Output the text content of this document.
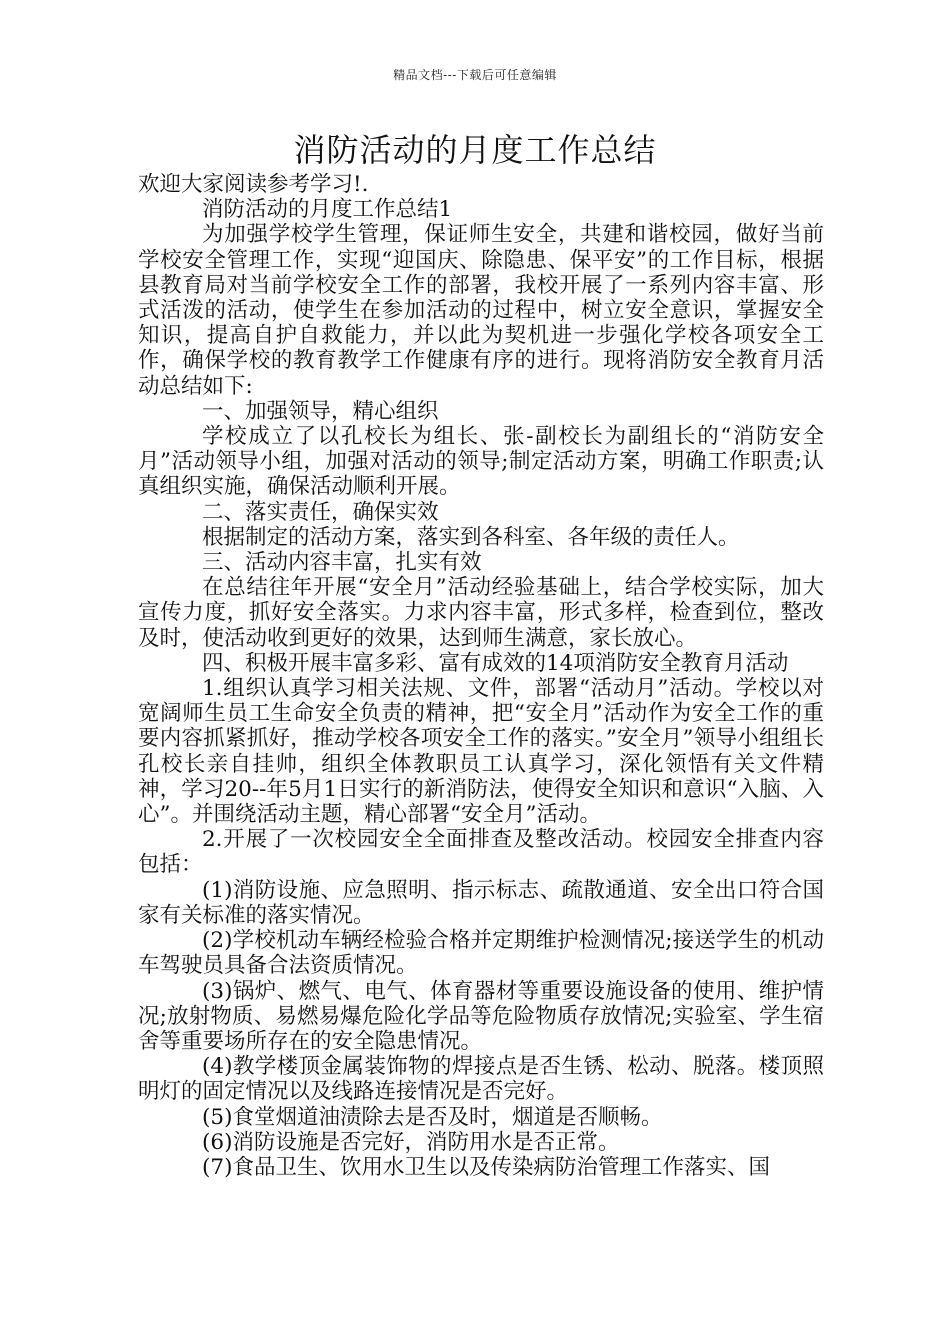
精品文档---下载后可任意编辑
消防活动的月度工作总结

欢迎大家阅读参考学习!.

消防活动的月度工作总结1

为加强学校学生管理，保证师生安全，共建和谐校园，做好当前学校安全管理工作，实现“迎国庆、除隐患、保平安”的工作目标，根据县教育局对当前学校安全工作的部署，我校开展了一系列内容丰富、形式活泼的活动，使学生在参加活动的过程中，树立安全意识，掌握安全知识，提高自护自救能力，并以此为契机进一步强化学校各项安全工作，确保学校的教育教学工作健康有序的进行。现将消防安全教育月活动总结如下:

一、加强领导，精心组织

学校成立了以孔校长为组长、张-副校长为副组长的“消防安全月”活动领导小组，加强对活动的领导;制定活动方案，明确工作职责;认真组织实施，确保活动顺利开展。

二、落实责任，确保实效

根据制定的活动方案，落实到各科室、各年级的责任人。

三、活动内容丰富，扎实有效

在总结往年开展“安全月”活动经验基础上，结合学校实际，加大宣传力度，抓好安全落实。力求内容丰富，形式多样，检查到位，整改及时，使活动收到更好的效果，达到师生满意，家长放心。

四、积极开展丰富多彩、富有成效的14项消防安全教育月活动

1.组织认真学习相关法规、文件，部署“活动月”活动。学校以对宽阔师生员工生命安全负责的精神，把“安全月”活动作为安全工作的重要内容抓紧抓好，推动学校各项安全工作的落实。”安全月”领导小组组长孔校长亲自挂帅，组织全体教职员工认真学习，深化领悟有关文件精神，学习20--年5月1日实行的新消防法，使得安全知识和意识“入脑、入心”。并围绕活动主题，精心部署“安全月”活动。

2.开展了一次校园安全全面排查及整改活动。校园安全排查内容包括：

(1)消防设施、应急照明、指示标志、疏散通道、安全出口符合国家有关标准的落实情况。

(2)学校机动车辆经检验合格并定期维护检测情况;接送学生的机动车驾驶员具备合法资质情况。

(3)锅炉、燃气、电气、体育器材等重要设施设备的使用、维护情况;放射物质、易燃易爆危险化学品等危险物质存放情况;实验室、学生宿舍等重要场所存在的安全隐患情况。

(4)教学楼顶金属装饰物的焊接点是否生锈、松动、脱落。楼顶照明灯的固定情况以及线路连接情况是否完好。

(5)食堂烟道油渍除去是否及时，烟道是否顺畅。

(6)消防设施是否完好，消防用水是否正常。

(7)食品卫生、饮用水卫生以及传染病防治管理工作落实、国
